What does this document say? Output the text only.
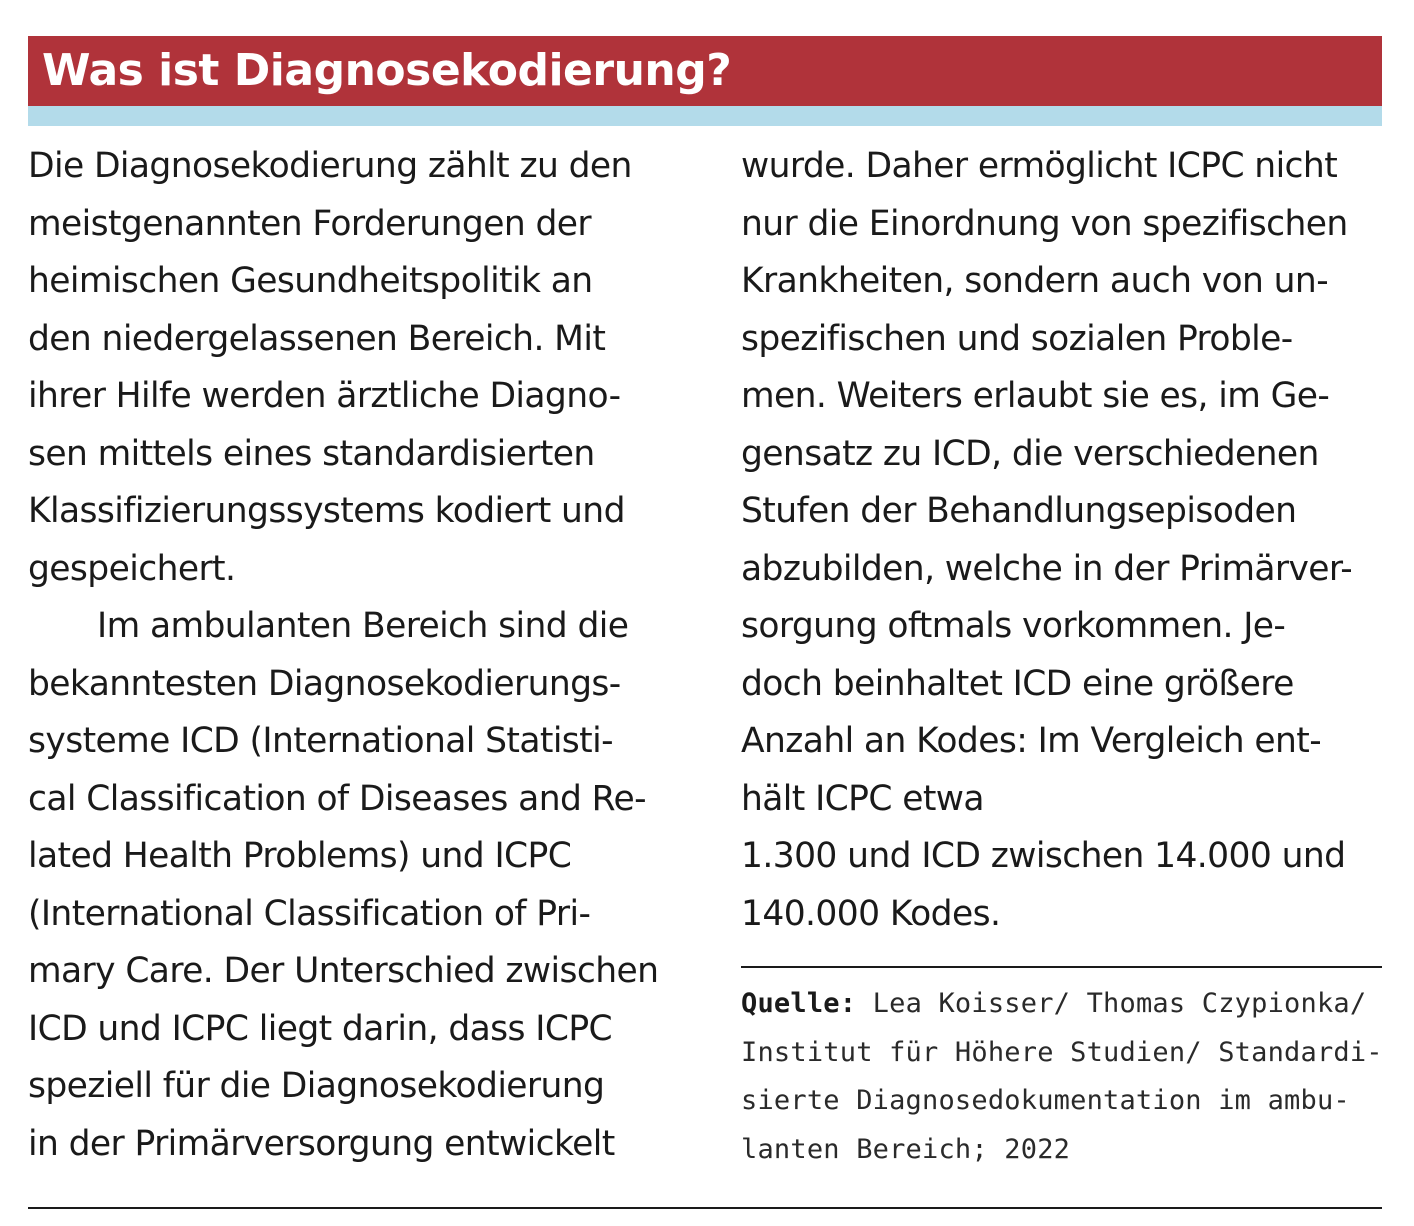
Was ist Diagnosekodierung?
Die Diagnosekodierung zählt zu den
meistgenannten Forderungen der
heimischen Gesundheitspolitik an
den niedergelassenen Bereich. Mit
ihrer Hilfe werden ärztliche Diagno-
sen mittels eines standardisierten
Klassifizierungssystems kodiert und
gespeichert.
Im ambulanten Bereich sind die
bekanntesten Diagnosekodierungs-
systeme ICD (International Statisti-
cal Classification of Diseases and Re-
lated Health Problems) und ICPC
(International Classification of Pri-
mary Care. Der Unterschied zwischen
ICD und ICPC liegt darin, dass ICPC
speziell für die Diagnosekodierung
in der Primärversorgung entwickelt
wurde. Daher ermöglicht ICPC nicht
nur die Einordnung von spezifischen
Krankheiten, sondern auch von un-
spezifischen und sozialen Proble-
men. Weiters erlaubt sie es, im Ge-
gensatz zu ICD, die verschiedenen
Stufen der Behandlungsepisoden
abzubilden, welche in der Primärver-
sorgung oftmals vorkommen. Je-
doch beinhaltet ICD eine größere
Anzahl an Kodes: Im Vergleich ent-
hält ICPC etwa
1.300 und ICD zwischen 14.000 und
140.000 Kodes.
Quelle: Lea Koisser/ Thomas Czypionka/
Institut für Höhere Studien/ Standardi-
sierte Diagnosedokumentation im ambu-
lanten Bereich; 2022
